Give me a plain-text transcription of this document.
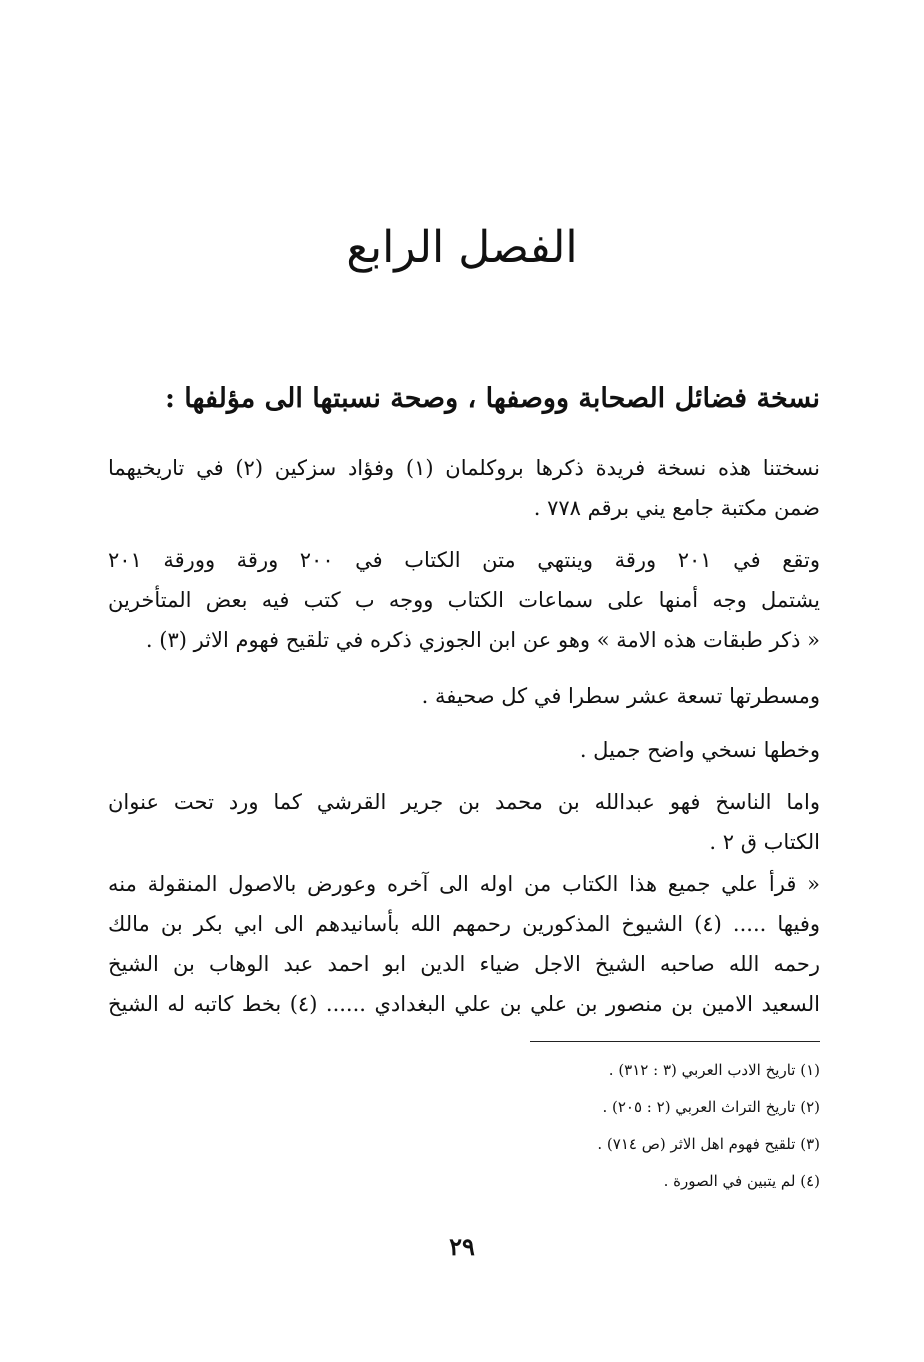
الفصل الرابع
نسخة فضائل الصحابة ووصفها ، وصحة نسبتها الى مؤلفها :
نسختنا هذه نسخة فريدة ذكرها بروكلمان (١) وفؤاد سزكين (٢) في تاريخيهما
ضمن مكتبة جامع يني برقم ٧٧٨ .
وتقع في ٢٠١ ورقة وينتهي متن الكتاب في ٢٠٠ ورقة وورقة ٢٠١
يشتمل وجه أمنها على سماعات الكتاب ووجه ب كتب فيه بعض المتأخرين
« ذكر طبقات هذه الامة » وهو عن ابن الجوزي ذكره في تلقيح فهوم الاثر (٣) .
ومسطرتها تسعة عشر سطرا في كل صحيفة .
وخطها نسخي واضح جميل .
واما الناسخ فهو عبدالله بن محمد بن جرير القرشي كما ورد تحت عنوان
الكتاب ق ٢ .
« قرأ علي جميع هذا الكتاب من اوله الى آخره وعورض بالاصول المنقولة منه
وفيها ..... (٤) الشيوخ المذكورين رحمهم الله بأسانيدهم الى ابي بكر بن مالك
رحمه الله صاحبه الشيخ الاجل ضياء الدين ابو احمد عبد الوهاب بن الشيخ
السعيد الامين بن منصور بن علي بن علي البغدادي ...... (٤) بخط كاتبه له الشيخ
(١) تاريخ الادب العربي (٣ : ٣١٢) .
(٢) تاريخ التراث العربي (٢ : ٢٠٥) .
(٣) تلقيح فهوم اهل الاثر (ص ٧١٤) .
(٤) لم يتبين في الصورة .
٢٩
